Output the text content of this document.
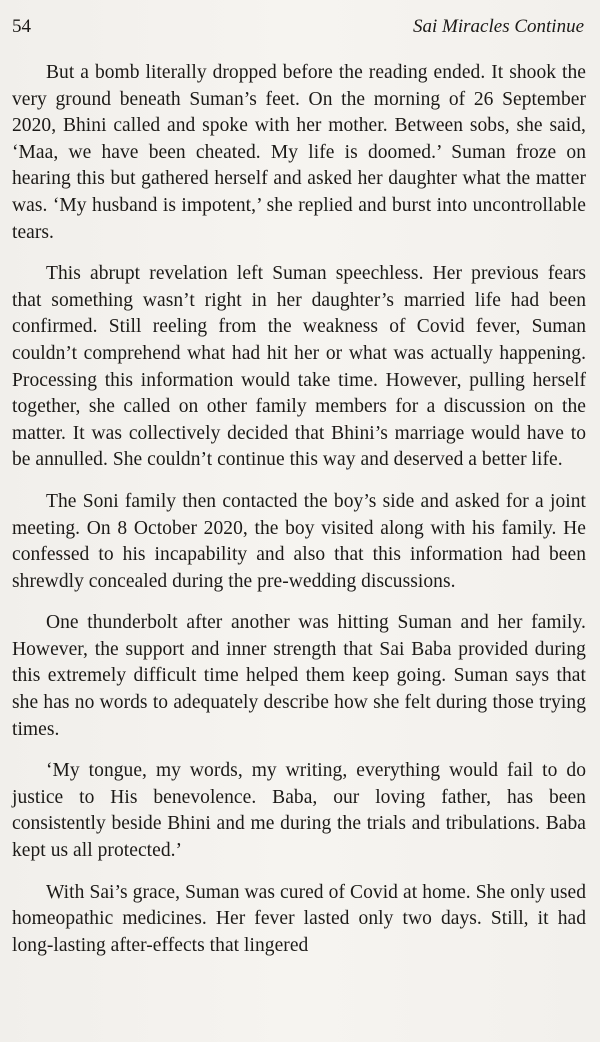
54	Sai Miracles Continue

But a bomb literally dropped before the reading ended. It shook the very ground beneath Suman’s feet. On the morning of 26 September 2020, Bhini called and spoke with her mother. Between sobs, she said, ‘Maa, we have been cheated. My life is doomed.’ Suman froze on hearing this but gathered herself and asked her daughter what the matter was. ‘My husband is impotent,’ she replied and burst into uncontrollable tears.

This abrupt revelation left Suman speechless. Her previous fears that something wasn’t right in her daughter’s married life had been confirmed. Still reeling from the weakness of Covid fever, Suman couldn’t comprehend what had hit her or what was actually happening. Processing this information would take time. However, pulling herself together, she called on other family members for a discussion on the matter. It was collectively decided that Bhini’s marriage would have to be annulled. She couldn’t continue this way and deserved a better life.

The Soni family then contacted the boy’s side and asked for a joint meeting. On 8 October 2020, the boy visited along with his family. He confessed to his incapability and also that this information had been shrewdly concealed during the pre-wedding discussions.

One thunderbolt after another was hitting Suman and her family. However, the support and inner strength that Sai Baba provided during this extremely difficult time helped them keep going. Suman says that she has no words to adequately describe how she felt during those trying times.

‘My tongue, my words, my writing, everything would fail to do justice to His benevolence. Baba, our loving father, has been consistently beside Bhini and me during the trials and tribulations. Baba kept us all protected.’

With Sai’s grace, Suman was cured of Covid at home. She only used homeopathic medicines. Her fever lasted only two days. Still, it had long-lasting after-effects that lingered
